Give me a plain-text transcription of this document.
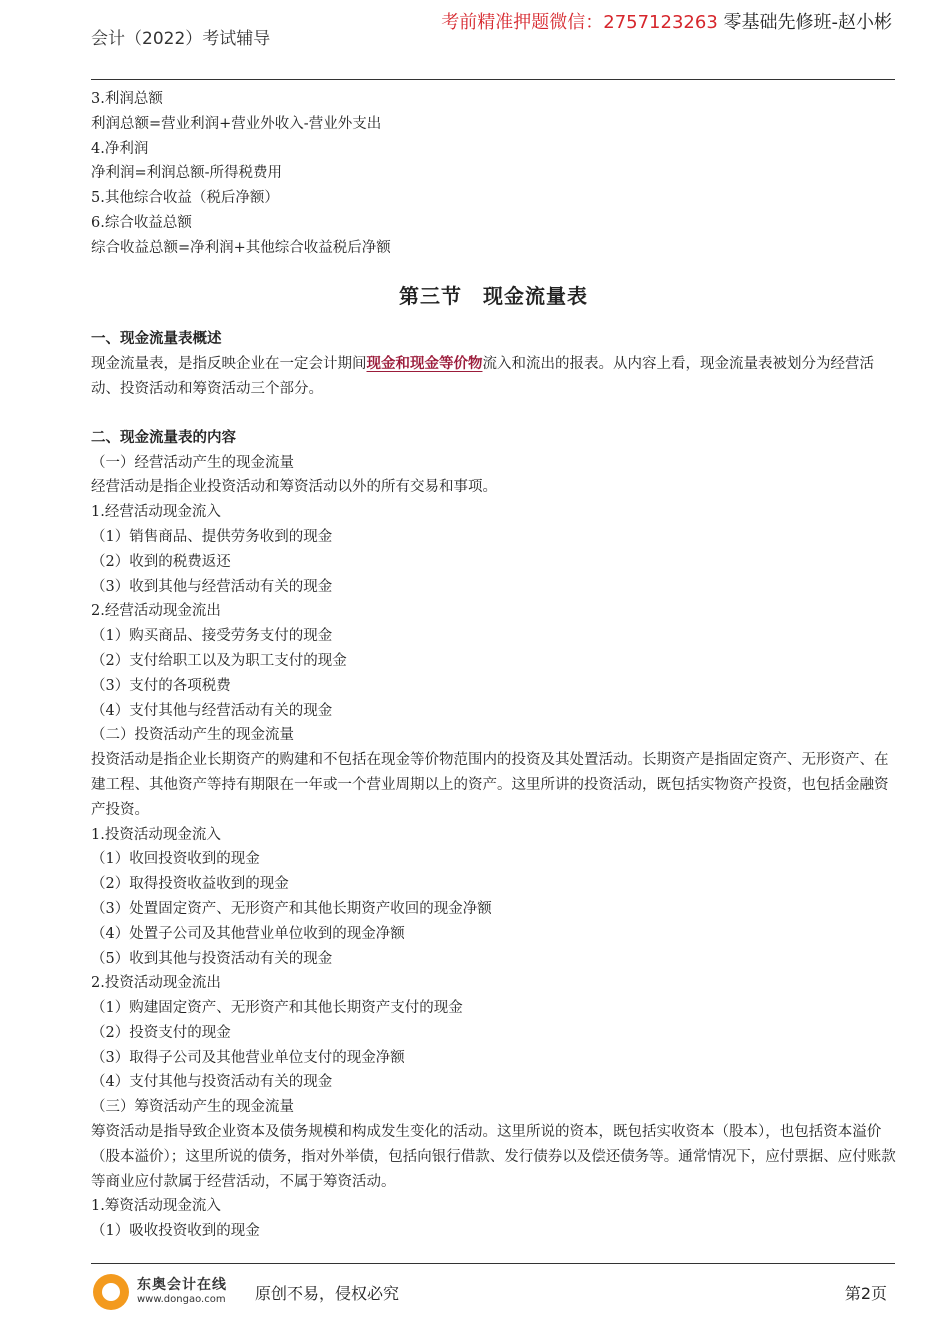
会计（2022）考试辅导
考前精准押题微信：2757123263 零基础先修班-赵小彬

3.利润总额

利润总额=营业利润+营业外收入-营业外支出

4.净利润

净利润=利润总额-所得税费用

5.其他综合收益（税后净额）

6.综合收益总额

综合收益总额=净利润+其他综合收益税后净额

第三节　现金流量表

一、现金流量表概述

现金流量表，是指反映企业在一定会计期间现金和现金等价物流入和流出的报表。从内容上看，现金流量表被划分为经营活动、投资活动和筹资活动三个部分。

二、现金流量表的内容

（一）经营活动产生的现金流量

经营活动是指企业投资活动和筹资活动以外的所有交易和事项。

1.经营活动现金流入

（1）销售商品、提供劳务收到的现金

（2）收到的税费返还

（3）收到其他与经营活动有关的现金

2.经营活动现金流出

（1）购买商品、接受劳务支付的现金

（2）支付给职工以及为职工支付的现金

（3）支付的各项税费

（4）支付其他与经营活动有关的现金

（二）投资活动产生的现金流量

投资活动是指企业长期资产的购建和不包括在现金等价物范围内的投资及其处置活动。长期资产是指固定资产、无形资产、在建工程、其他资产等持有期限在一年或一个营业周期以上的资产。这里所讲的投资活动，既包括实物资产投资，也包括金融资产投资。

1.投资活动现金流入

（1）收回投资收到的现金

（2）取得投资收益收到的现金

（3）处置固定资产、无形资产和其他长期资产收回的现金净额

（4）处置子公司及其他营业单位收到的现金净额

（5）收到其他与投资活动有关的现金

2.投资活动现金流出

（1）购建固定资产、无形资产和其他长期资产支付的现金

（2）投资支付的现金

（3）取得子公司及其他营业单位支付的现金净额

（4）支付其他与投资活动有关的现金

（三）筹资活动产生的现金流量

筹资活动是指导致企业资本及债务规模和构成发生变化的活动。这里所说的资本，既包括实收资本（股本），也包括资本溢价（股本溢价）；这里所说的债务，指对外举债，包括向银行借款、发行债券以及偿还债务等。通常情况下，应付票据、应付账款等商业应付款属于经营活动，不属于筹资活动。

1.筹资活动现金流入

（1）吸收投资收到的现金

东奥会计在线
www.dongao.com 原创不易，侵权必究	第2页
